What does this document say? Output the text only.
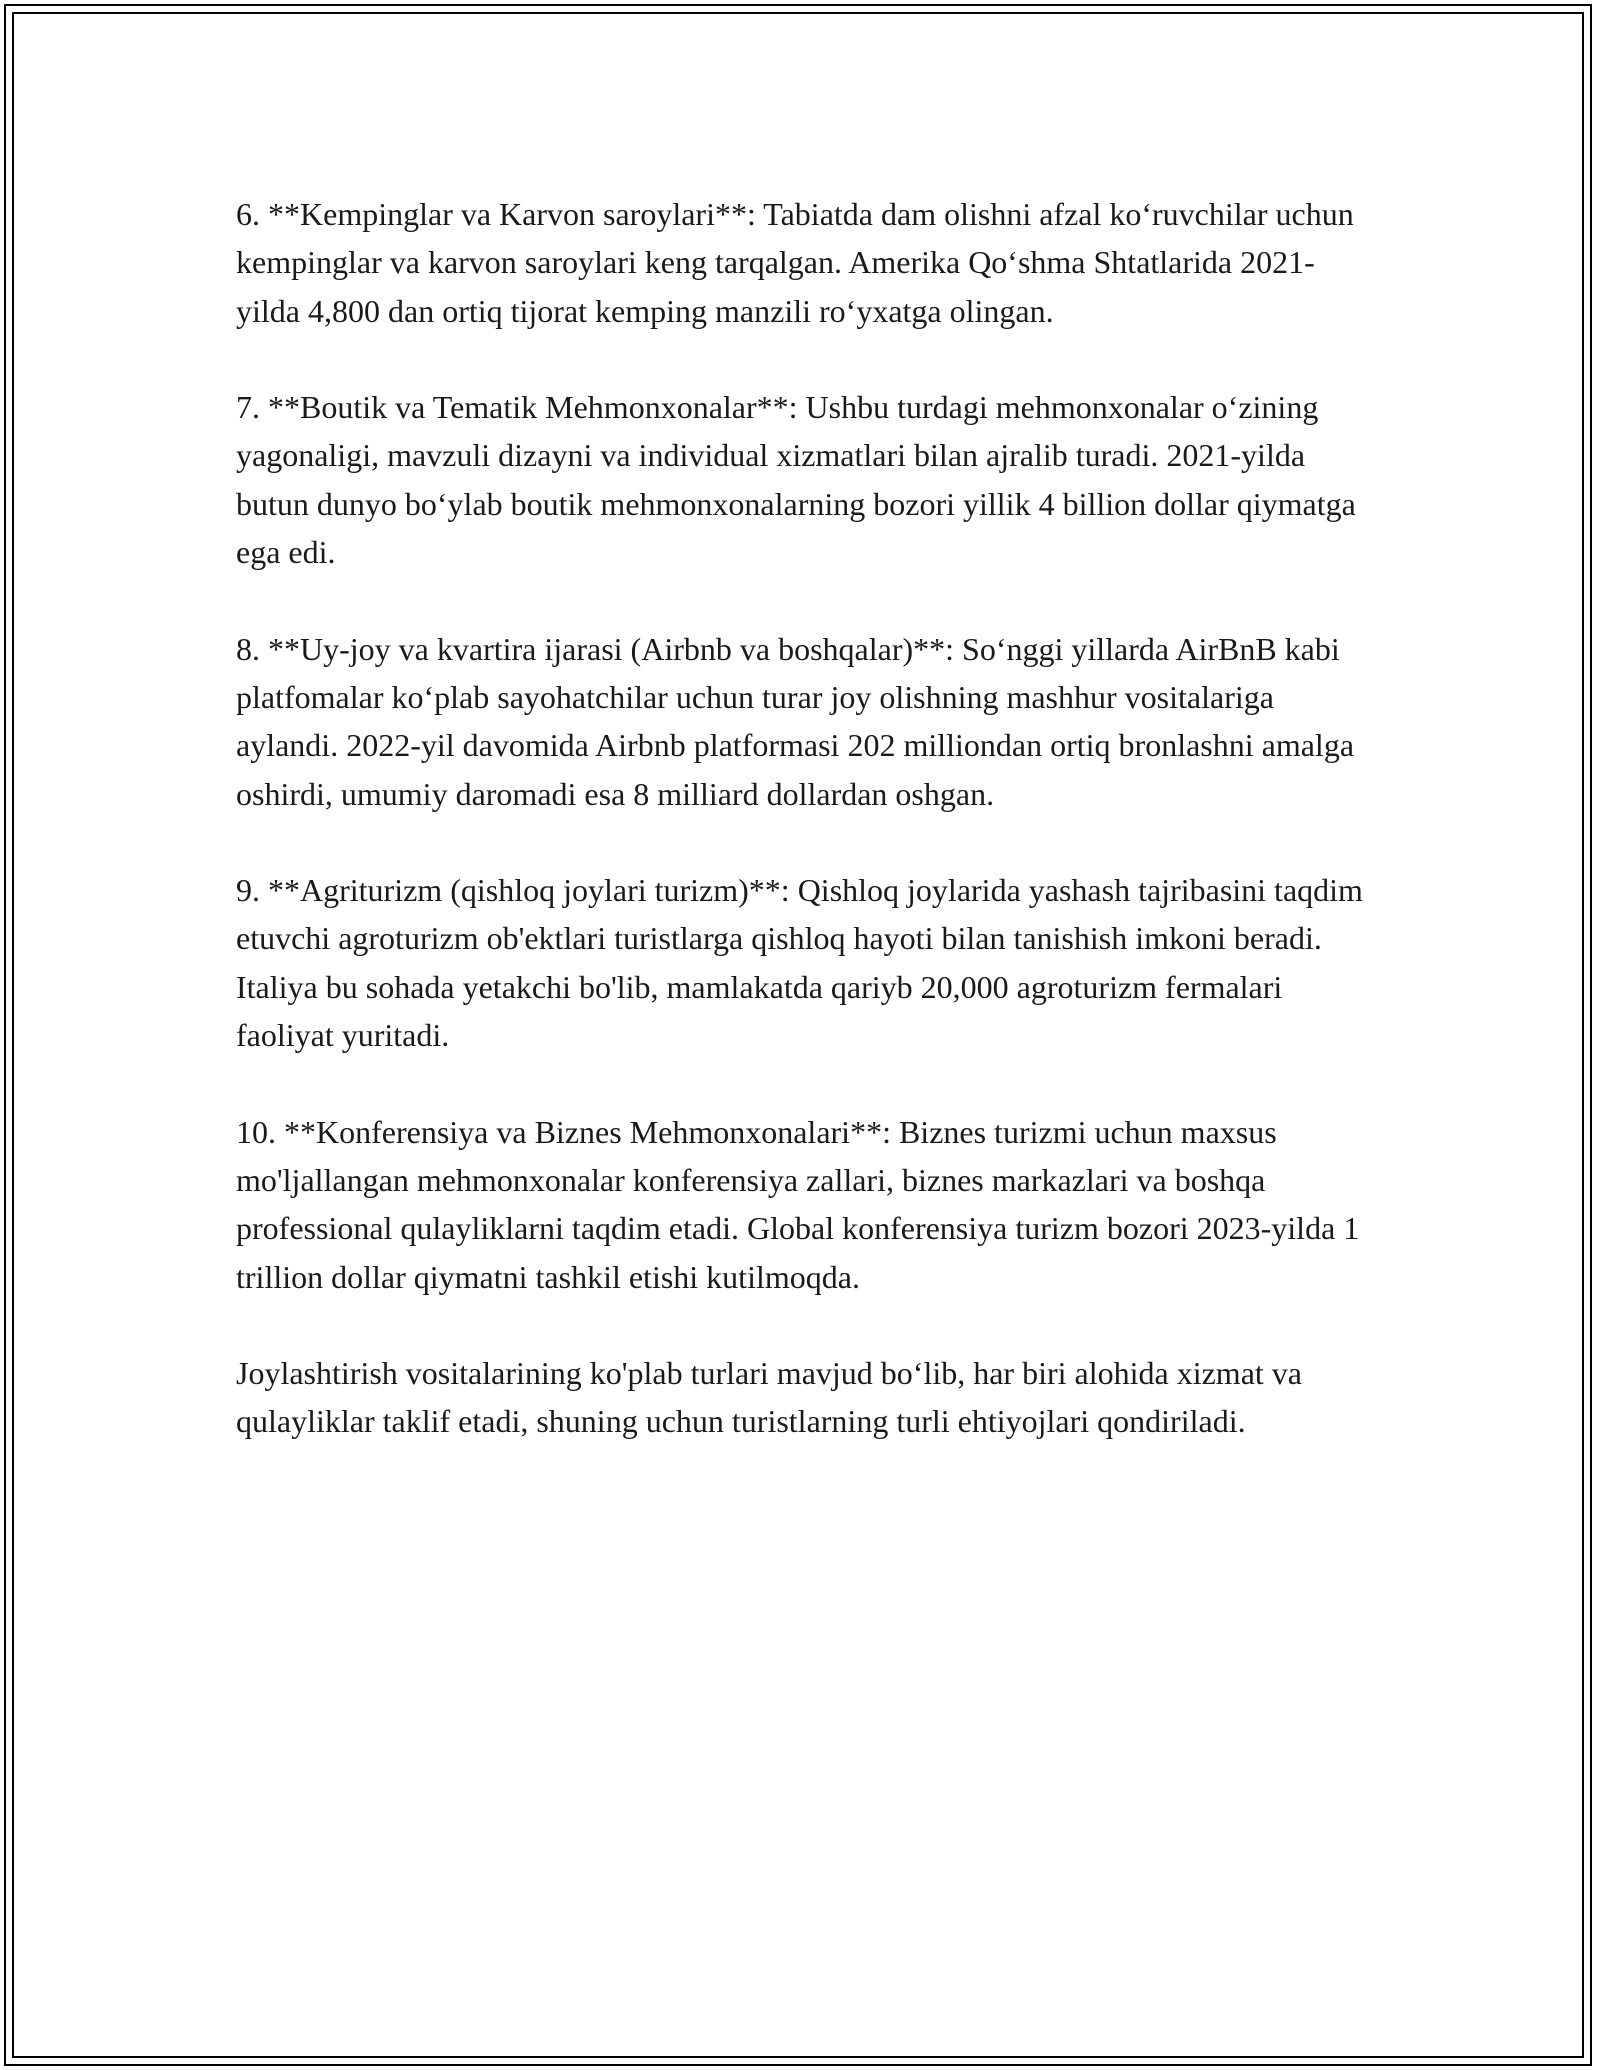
6. **Kempinglar va Karvon saroylari**: Tabiatda dam olishni afzal koʻruvchilar uchun kempinglar va karvon saroylari keng tarqalgan. Amerika Qoʻshma Shtatlarida 2021-yilda 4,800 dan ortiq tijorat kemping manzili roʻyxatga olingan.

7. **Boutik va Tematik Mehmonxonalar**: Ushbu turdagi mehmonxonalar oʻzining yagonaligi, mavzuli dizayni va individual xizmatlari bilan ajralib turadi. 2021-yilda butun dunyo boʻylab boutik mehmonxonalarning bozori yillik 4 billion dollar qiymatga ega edi.

8. **Uy-joy va kvartira ijarasi (Airbnb va boshqalar)**: Soʻnggi yillarda AirBnB kabi platfomalar koʻplab sayohatchilar uchun turar joy olishning mashhur vositalariga aylandi. 2022-yil davomida Airbnb platformasi 202 milliondan ortiq bronlashni amalga oshirdi, umumiy daromadi esa 8 milliard dollardan oshgan.

9. **Agriturizm (qishloq joylari turizm)**: Qishloq joylarida yashash tajribasini taqdim etuvchi agroturizm ob'ektlari turistlarga qishloq hayoti bilan tanishish imkoni beradi. Italiya bu sohada yetakchi bo'lib, mamlakatda qariyb 20,000 agroturizm fermalari faoliyat yuritadi.

10. **Konferensiya va Biznes Mehmonxonalari**: Biznes turizmi uchun maxsus mo'ljallangan mehmonxonalar konferensiya zallari, biznes markazlari va boshqa professional qulayliklarni taqdim etadi. Global konferensiya turizm bozori 2023-yilda 1 trillion dollar qiymatni tashkil etishi kutilmoqda.

Joylashtirish vositalarining ko'plab turlari mavjud boʻlib, har biri alohida xizmat va qulayliklar taklif etadi, shuning uchun turistlarning turli ehtiyojlari qondiriladi.
